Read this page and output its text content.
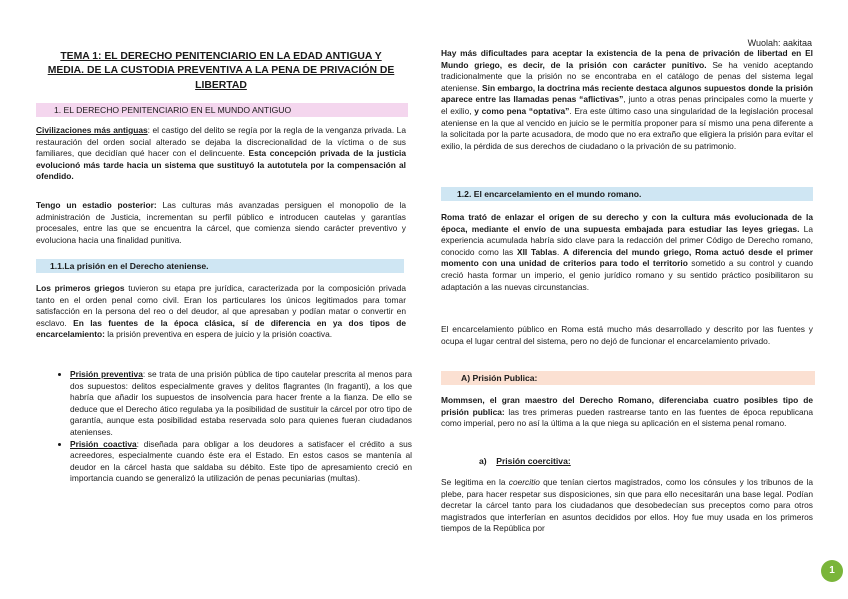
Wuolah: aakitaa
TEMA 1: EL DERECHO PENITENCIARIO EN LA EDAD ANTIGUA Y
MEDIA. DE LA CUSTODIA PREVENTIVA A LA PENA DE PRIVACIÓN DE
LIBERTAD
1. EL DERECHO PENITENCIARIO EN EL MUNDO ANTIGUO

Civilizaciones más antiguas: el castigo del delito se regía por la regla de la venganza privada. La restauración del orden social alterado se dejaba la discrecionalidad de la víctima o de sus familiares, que decidían qué hacer con el delincuente. Esta concepción privada de la justicia evolucionó más tarde hacia un sistema que sustituyó la autotutela por la compensación al ofendido.

Tengo un estadio posterior: Las culturas más avanzadas persiguen el monopolio de la administración de Justicia, incrementan su perfil público e introducen cautelas y garantías procesales, entre las que se encuentra la cárcel, que comienza siendo carácter preventivo y evoluciona hacia una finalidad punitiva.

1.1.La prisión en el Derecho ateniense.

Los primeros griegos tuvieron su etapa pre jurídica, caracterizada por la composición privada tanto en el orden penal como civil. Eran los particulares los únicos legitimados para tomar satisfacción en la persona del reo o del deudor, al que apresaban y podían matar o convertir en esclavo. En las fuentes de la época clásica, sí de diferencia en ya dos tipos de encarcelamiento: la prisión preventiva en espera de juicio y la prisión coactiva.

• Prisión preventiva: se trata de una prisión pública de tipo cautelar prescrita al menos para dos supuestos: delitos especialmente graves y delitos flagrantes (In fraganti), a los que habría que añadir los supuestos de insolvencia para hacer frente a la fianza. De ello se deduce que el Derecho ático regulaba ya la posibilidad de sustituir la cárcel por otro tipo de garantía, aunque esta posibilidad estaba reservada solo para quienes fueran ciudadanos atenienses.
• Prisión coactiva: diseñada para obligar a los deudores a satisfacer el crédito a sus acreedores, especialmente cuando éste era el Estado. En estos casos se mantenía al deudor en la cárcel hasta que saldaba su débito. Este tipo de apresamiento creció en importancia cuando se generalizó la utilización de penas pecuniarias (multas).

Hay más dificultades para aceptar la existencia de la pena de privación de libertad en El Mundo griego, es decir, de la prisión con carácter punitivo. Se ha venido aceptando tradicionalmente que la prisión no se encontraba en el catálogo de penas del sistema legal ateniense. Sin embargo, la doctrina más reciente destaca algunos supuestos donde la prisión aparece entre las llamadas penas “aflictivas”, junto a otras penas principales como la muerte y el exilio, y como pena “optativa”. Era este último caso una singularidad de la legislación procesal ateniense en la que al vencido en juicio se le permitía proponer para sí mismo una pena diferente a la solicitada por la parte acusadora, de modo que no era extraño que eligiera la prisión para evitar el exilio, la pérdida de sus derechos de ciudadano o la privación de su patrimonio.

1.2. El encarcelamiento en el mundo romano.

Roma trató de enlazar el origen de su derecho y con la cultura más evolucionada de la época, mediante el envío de una supuesta embajada para estudiar las leyes griegas. La experiencia acumulada habría sido clave para la redacción del primer Código de Derecho romano, conocido como las XII Tablas. A diferencia del mundo griego, Roma actuó desde el primer momento con una unidad de criterios para todo el territorio sometido a su control y cuando creció hasta formar un imperio, el genio jurídico romano y su sentido práctico posibilitaron su adaptación a las nuevas circunstancias.

El encarcelamiento público en Roma está mucho más desarrollado y descrito por las fuentes y ocupa el lugar central del sistema, pero no dejó de funcionar el encarcelamiento privado.

A) Prisión Publica:

Mommsen, el gran maestro del Derecho Romano, diferenciaba cuatro posibles tipo de prisión publica: las tres primeras pueden rastrearse tanto en las fuentes de época republicana como imperial, pero no así la última a la que niega su aplicación en el sistema penal romano.

a) Prisión coercitiva:

Se legitima en la coercitio que tenían ciertos magistrados, como los cónsules y los tribunos de la plebe, para hacer respetar sus disposiciones, sin que para ello necesitarán una base legal. Podían decretar la cárcel tanto para los ciudadanos que desobedecían sus preceptos como para otros magistrados que interferían en asuntos decididos por ellos. Hoy fue muy usada en los primeros tiempos de la República por

1
